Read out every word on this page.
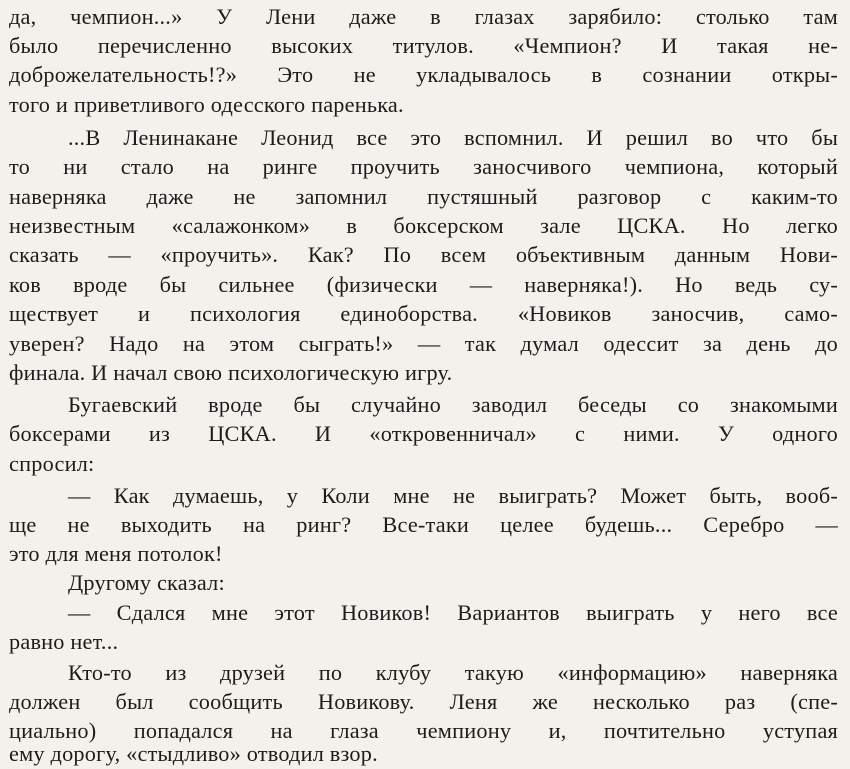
да, чемпион...» У Лени даже в глазах зарябило: столько там
было перечисленно высоких титулов. «Чемпион? И такая не-
доброжелательность!?» Это не укладывалось в сознании откры-
того и приветливого одесского паренька.
...В Ленинакане Леонид все это вспомнил. И решил во что бы
то ни стало на ринге проучить заносчивого чемпиона, который
наверняка даже не запомнил пустяшный разговор с каким-то
неизвестным «салажонком» в боксерском зале ЦСКА. Но легко
сказать — «проучить». Как? По всем объективным данным Нови-
ков вроде бы сильнее (физически — наверняка!). Но ведь су-
ществует и психология единоборства. «Новиков заносчив, само-
уверен? Надо на этом сыграть!» — так думал одессит за день до
финала. И начал свою психологическую игру.
Бугаевский вроде бы случайно заводил беседы со знакомыми
боксерами из ЦСКА. И «откровенничал» с ними. У одного
спросил:
— Как думаешь, у Коли мне не выиграть? Может быть, вооб-
ще не выходить на ринг? Все-таки целее будешь... Серебро —
это для меня потолок!
Другому сказал:
— Сдался мне этот Новиков! Вариантов выиграть у него все
равно нет...
Кто-то из друзей по клубу такую «информацию» наверняка
должен был сообщить Новикову. Леня же несколько раз (спе-
циально) попадался на глаза чемпиону и, почтительно уступая
ему дорогу, «стыдливо» отводил взор.
